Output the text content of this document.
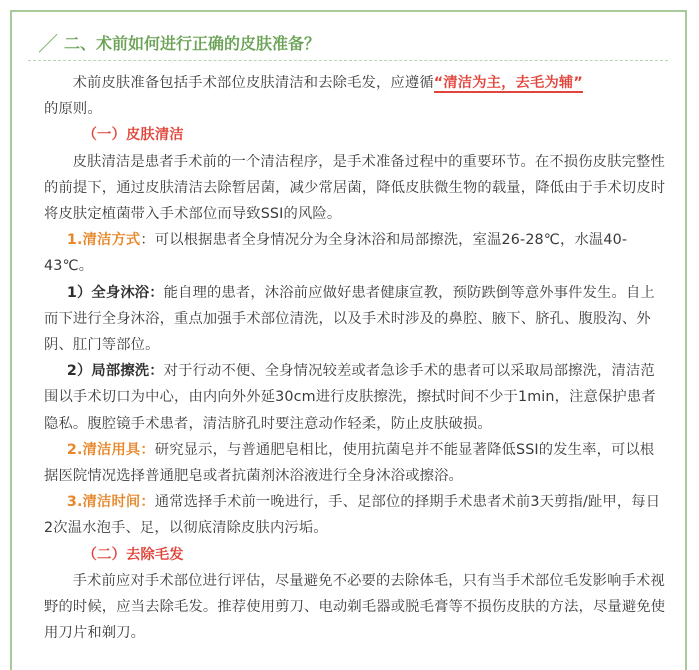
／ 二、术前如何进行正确的皮肤准备？

术前皮肤准备包括手术部位皮肤清洁和去除毛发，应遵循“清洁为主，去毛为辅”
的原则。

（一）皮肤清洁

皮肤清洁是患者手术前的一个清洁程序，是手术准备过程中的重要环节。在不损伤皮肤完整性的前提下，通过皮肤清洁去除暂居菌，减少常居菌，降低皮肤微生物的载量，降低由于手术切皮时将皮肤定植菌带入手术部位而导致SSI的风险。

1.清洁方式：可以根据患者全身情况分为全身沐浴和局部擦洗，室温26-28℃，水温40-43℃。

1）全身沐浴：能自理的患者，沐浴前应做好患者健康宣教，预防跌倒等意外事件发生。自上而下进行全身沐浴，重点加强手术部位清洗，以及手术时涉及的鼻腔、腋下、脐孔、腹股沟、外阴、肛门等部位。

2）局部擦洗：对于行动不便、全身情况较差或者急诊手术的患者可以采取局部擦洗，清洁范围以手术切口为中心，由内向外外延30cm进行皮肤擦洗，擦拭时间不少于1min，注意保护患者隐私。腹腔镜手术患者，清洁脐孔时要注意动作轻柔，防止皮肤破损。

2.清洁用具：研究显示，与普通肥皂相比，使用抗菌皂并不能显著降低SSI的发生率，可以根据医院情况选择普通肥皂或者抗菌剂沐浴液进行全身沐浴或擦浴。

3.清洁时间：通常选择手术前一晚进行，手、足部位的择期手术患者术前3天剪指/趾甲，每日2次温水泡手、足，以彻底清除皮肤内污垢。

（二）去除毛发

手术前应对手术部位进行评估，尽量避免不必要的去除体毛，只有当手术部位毛发影响手术视野的时候，应当去除毛发。推荐使用剪刀、电动剃毛器或脱毛膏等不损伤皮肤的方法，尽量避免使用刀片和剃刀。
